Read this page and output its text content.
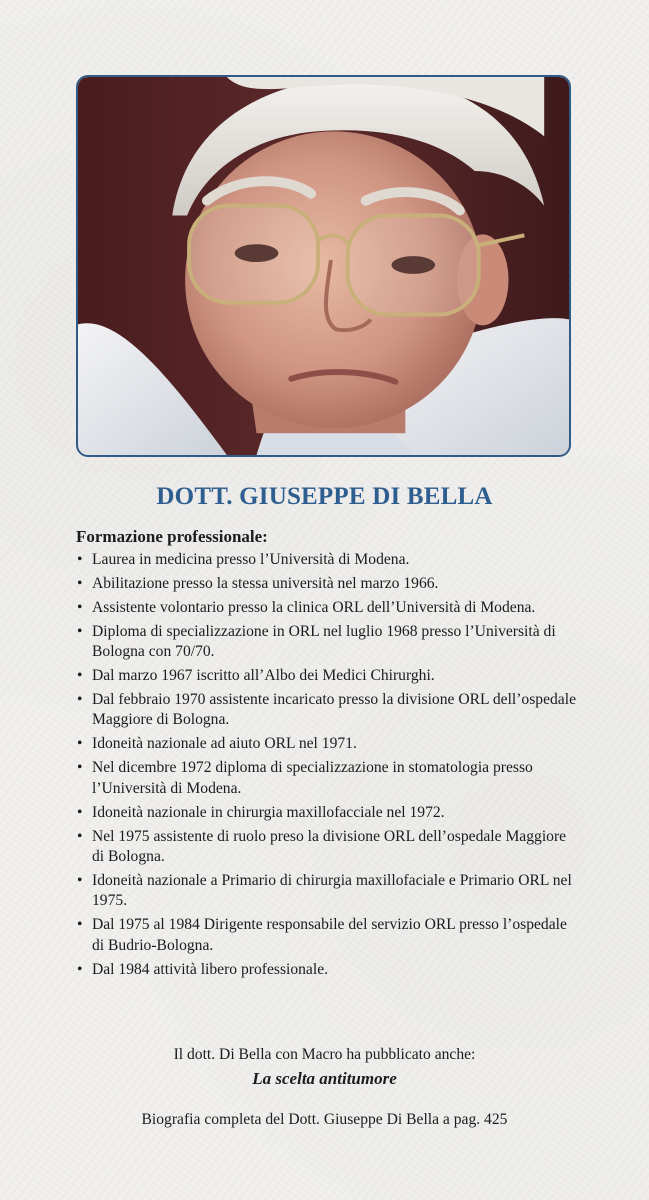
DOTT. GIUSEPPE DI BELLA
Formazione professionale:
• Laurea in medicina presso l’Università di Modena.
• Abilitazione presso la stessa università nel marzo 1966.
• Assistente volontario presso la clinica ORL dell’Università di Modena.
• Diploma di specializzazione in ORL nel luglio 1968 presso l’Università di Bologna con 70/70.
• Dal marzo 1967 iscritto all’Albo dei Medici Chirurghi.
• Dal febbraio 1970 assistente incaricato presso la divisione ORL dell’ospedale Maggiore di Bologna.
• Idoneità nazionale ad aiuto ORL nel 1971.
• Nel dicembre 1972 diploma di specializzazione in stomatologia presso l’Università di Modena.
• Idoneità nazionale in chirurgia maxillofacciale nel 1972.
• Nel 1975 assistente di ruolo preso la divisione ORL dell’ospedale Maggiore di Bologna.
• Idoneità nazionale a Primario di chirurgia maxillofaciale e Primario ORL nel 1975.
• Dal 1975 al 1984 Dirigente responsabile del servizio ORL presso l’ospedale di Budrio-Bologna.
• Dal 1984 attività libero professionale.
Il dott. Di Bella con Macro ha pubblicato anche:
La scelta antitumore
Biografia completa del Dott. Giuseppe Di Bella a pag. 425
